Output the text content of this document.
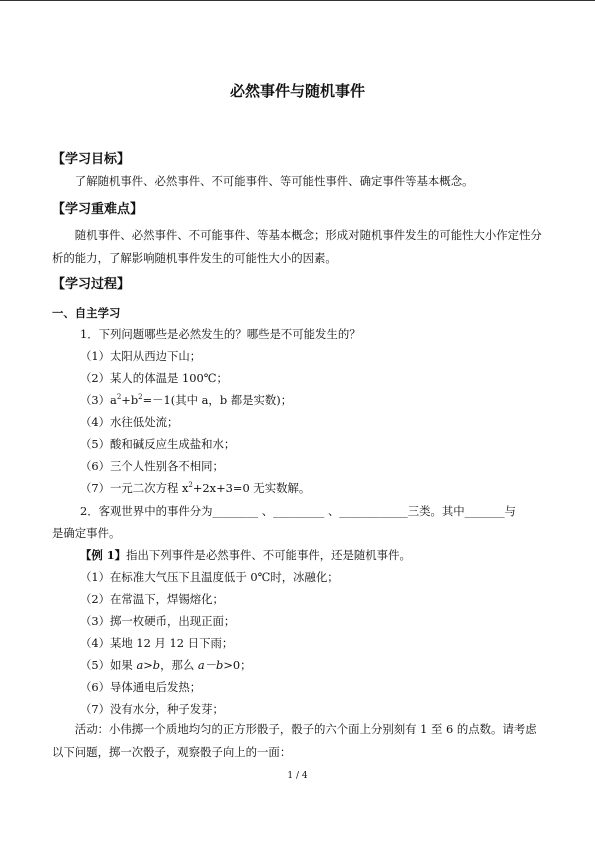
必然事件与随机事件
【学习目标】
了解随机事件、必然事件、不可能事件、等可能性事件、确定事件等基本概念。
【学习重难点】
随机事件、必然事件、不可能事件、等基本概念；形成对随机事件发生的可能性大小作定性分析的能力，了解影响随机事件发生的可能性大小的因素。
【学习过程】
一、自主学习
1．下列问题哪些是必然发生的？哪些是不可能发生的？
（1）太阳从西边下山；
（2）某人的体温是 100℃；
$(3)a^2+b^2=-1$(其中 a，b 都是实数)；
（4）水往低处流；
（5）酸和碱反应生成盐和水；
（6）三个人性别各不相同；
（7）一元二次方程 $x^2+2x+3=0$ 无实数解。
2．客观世界中的事件分为________ 、_________ 、____________三类。其中_______与
是确定事件。
【例 1】指出下列事件是必然事件、不可能事件，还是随机事件。
（1）在标准大气压下且温度低于 0℃时，冰融化；
（2）在常温下，焊锡熔化；
（3）掷一枚硬币，出现正面；
（4）某地 12 月 12 日下雨；
（5）如果 a>b，那么 a－b>0；
（6）导体通电后发热；
（7）没有水分，种子发芽；
活动：小伟掷一个质地均匀的正方形骰子，骰子的六个面上分别刻有 1 至 6 的点数。请考虑以下问题，掷一次骰子，观察骰子向上的一面：
1 / 4
